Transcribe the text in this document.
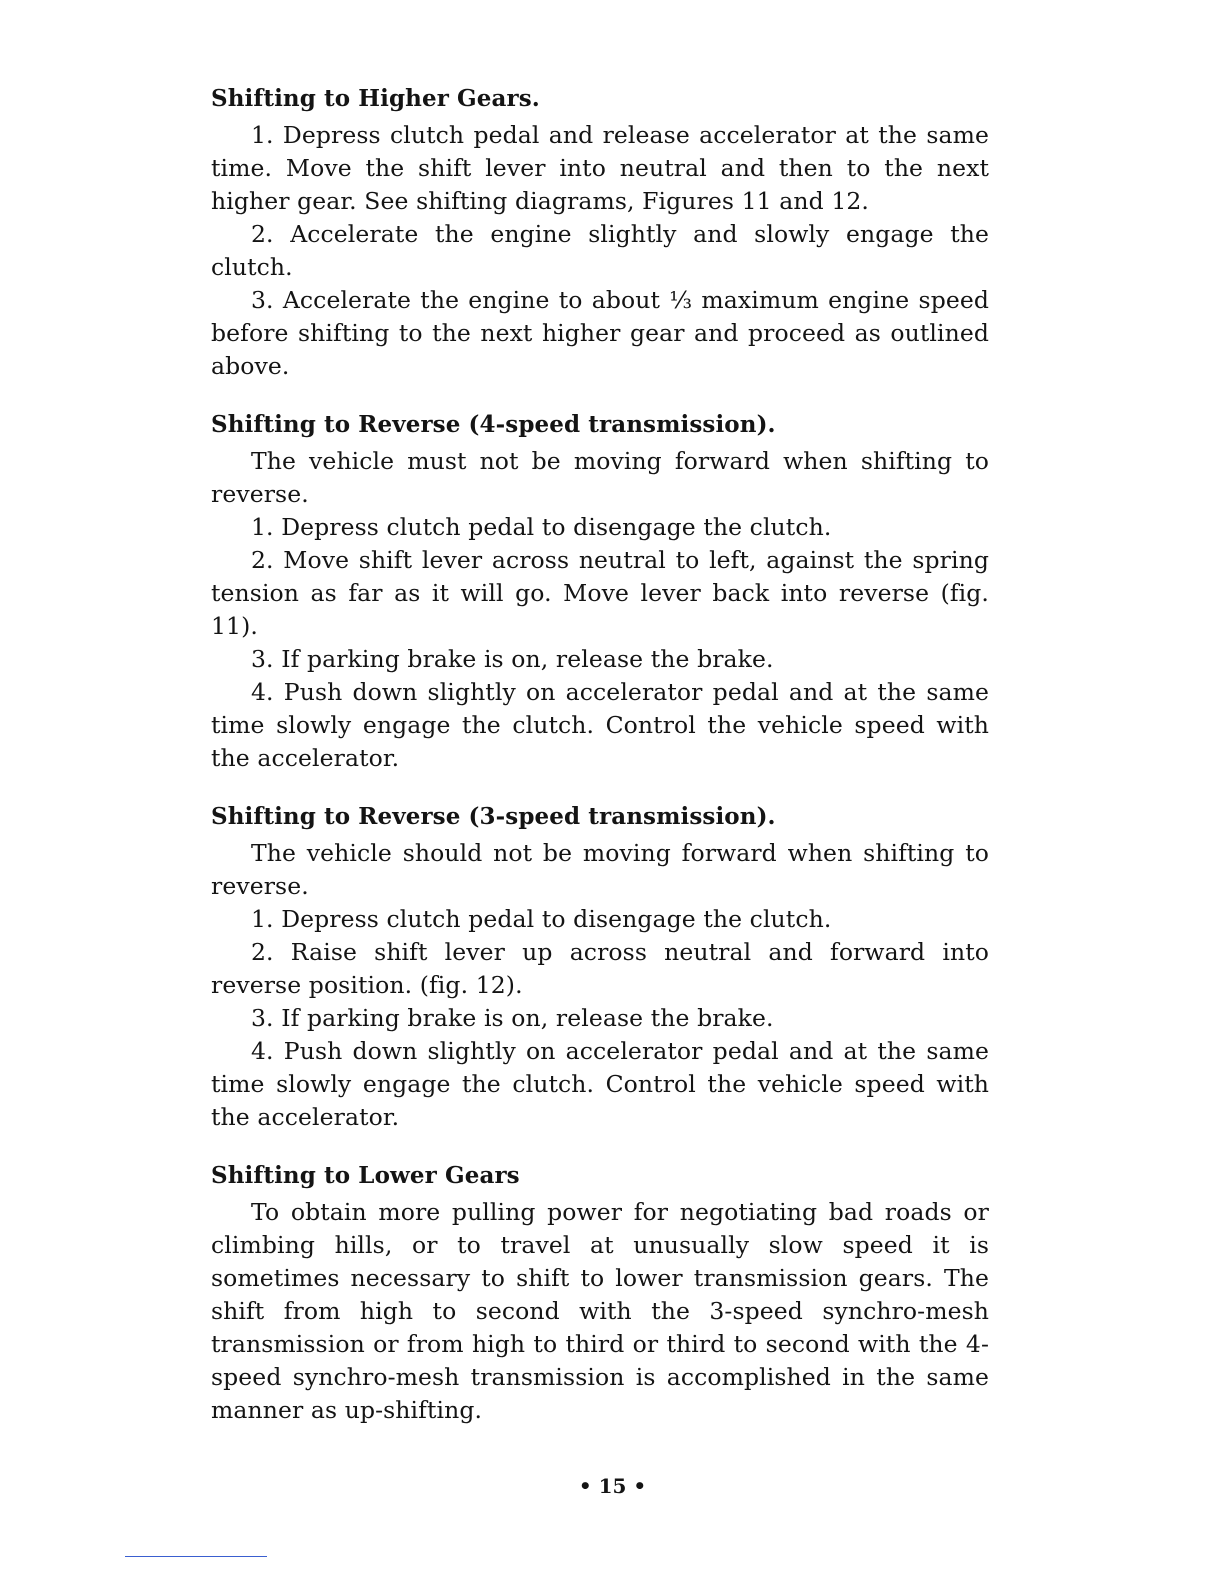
Shifting to Higher Gears.

1. Depress clutch pedal and release accelerator at the same time. Move the shift lever into neutral and then to the next higher gear. See shifting diagrams, Figures 11 and 12.

2. Accelerate the engine slightly and slowly engage the clutch.

3. Accelerate the engine to about ⅓ maximum engine speed before shifting to the next higher gear and proceed as outlined above.

Shifting to Reverse (4-speed transmission).

The vehicle must not be moving forward when shifting to reverse.

1. Depress clutch pedal to disengage the clutch.

2. Move shift lever across neutral to left, against the spring tension as far as it will go. Move lever back into reverse (fig. 11).

3. If parking brake is on, release the brake.

4. Push down slightly on accelerator pedal and at the same time slowly engage the clutch. Control the vehicle speed with the accelerator.

Shifting to Reverse (3-speed transmission).

The vehicle should not be moving forward when shifting to reverse.

1. Depress clutch pedal to disengage the clutch.

2. Raise shift lever up across neutral and forward into reverse position. (fig. 12).

3. If parking brake is on, release the brake.

4. Push down slightly on accelerator pedal and at the same time slowly engage the clutch. Control the vehicle speed with the accelerator.

Shifting to Lower Gears

To obtain more pulling power for negotiating bad roads or climbing hills, or to travel at unusually slow speed it is sometimes necessary to shift to lower transmission gears. The shift from high to second with the 3-speed synchro-mesh transmission or from high to third or third to second with the 4-speed synchro-mesh transmission is accomplished in the same manner as up-shifting.

• 15 •
